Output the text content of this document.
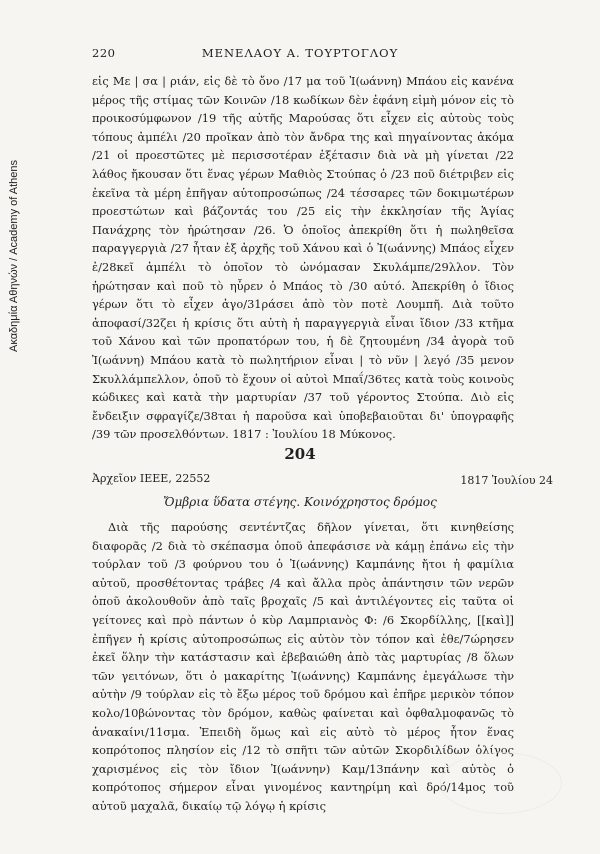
Ακαδημία Αθηνών / Academy of Athens
220	ΜΕΝΕΛΑΟΥ Α. ΤΟΥΡΤΟΓΛΟΥ

εἰς Με | σα | ριάν, εἰς δὲ τὸ ὄνο /17 μα τοῦ Ἰ(ωάννη) Μπάου εἰς κανένα μέρος τῆς στίμας τῶν Κοινῶν /18 κωδίκων δὲν ἐφάνη εἰμὴ μόνον εἰς τὸ προικοσύμφωνον /19 τῆς αὐτῆς Μαρούσας ὅτι εἶχεν εἰς αὐτοὺς τοὺς τόπους ἀμπέλι /20 προῖκαν ἀπὸ τὸν ἄνδρα της καὶ πηγαίνοντας ἀκόμα /21 οἱ προεστῶτες μὲ περισσοτέραν ἐξέτασιν διὰ νὰ μὴ γίνεται /22 λάθος ἤκουσαν ὅτι ἕνας γέρων Μαθιὸς Στούπας ὁ /23 ποῦ διέτριβεν εἰς ἐκεῖνα τὰ μέρη ἐπῆγαν αὐτοπροσώπως /24 τέσσαρες τῶν δοκιμωτέρων προεστώτων καὶ βάζοντάς του /25 εἰς τὴν ἐκκλησίαν τῆς Ἁγίας Πανάχρης τὸν ἠρώτησαν /26. Ὁ ὁποῖος ἀπεκρίθη ὅτι ἡ πωληθεῖσα παραγγεργιὰ /27 ἦταν ἐξ ἀρχῆς τοῦ Χάνου καὶ ὁ Ἰ(ωάννης) Μπάος εἶχεν ἐ/28κεῖ ἀμπέλι τὸ ὁποῖον τὸ ὠνόμασαν Σκυλάμπε/29λλον. Τὸν ἠρώτησαν καὶ ποῦ τὸ ηὗρεν ὁ Μπάος τὸ /30 αὐτό. Ἀπεκρίθη ὁ ἴδιος γέρων ὅτι τὸ εἶχεν ἀγο/31ράσει ἀπὸ τὸν ποτὲ Λουμπῆ. Διὰ τοῦτο ἀποφασί/32ζει ἡ κρίσις ὅτι αὐτὴ ἡ παραγγεργιὰ εἶναι ἴδιον /33 κτῆμα τοῦ Χάνου καὶ τῶν προπατόρων του, ἡ δὲ ζητουμένη /34 ἀγορὰ τοῦ Ἰ(ωάννη) Μπάου κατὰ τὸ πωλητήριον εἶναι | τὸ νῦν | λεγό /35 μενον Σκυλλάμπελλον, ὁποῦ τὸ ἔχουν οἱ αὐτοὶ Μπαΐ/36τες κατὰ τοὺς κοινοὺς κώδικες καὶ κατὰ τὴν μαρτυρίαν /37 τοῦ γέροντος Στούπα. Διὸ εἰς ἔνδειξιν σφραγίζε/38ται ἡ παροῦσα καὶ ὑποβεβαιοῦται δι' ὑπογραφῆς /39 τῶν προσελθόντων. 1817 : Ἰουλίου 18 Μύκονος.

204
Ἀρχεῖον ΙΕΕΕ, 22552	1817 Ἰουλίου 24
Ὄμβρια ὕδατα στέγης. Κοινόχρηστος δρόμος

Διὰ τῆς παρούσης σεντέντζας δῆλον γίνεται, ὅτι κινηθείσης διαφορᾶς /2 διὰ τὸ σκέπασμα ὁποῦ ἀπεφάσισε νὰ κάμῃ ἐπάνω εἰς τὴν τούρλαν τοῦ /3 φούρνου του ὁ Ἰ(ωάννης) Καμπάνης ἤτοι ἡ φαμίλια αὐτοῦ, προσθέτοντας τράβες /4 καὶ ἄλλα πρὸς ἀπάντησιν τῶν νερῶν ὁποῦ ἀκολουθοῦν ἀπὸ ταῖς βροχαῖς /5 καὶ ἀντιλέγοντες εἰς ταῦτα οἱ γείτονες καὶ πρὸ πάντων ὁ κὺρ Λαμπριανὸς Φ: /6 Σκορδίλλης, [[καὶ]] ἐπῆγεν ἡ κρίσις αὐτοπροσώπως εἰς αὐτὸν τὸν τόπον καὶ ἐθε/7ώρησεν ἐκεῖ ὅλην τὴν κατάστασιν καὶ ἐβεβαιώθη ἀπὸ τὰς μαρτυρίας /8 ὅλων τῶν γειτόνων, ὅτι ὁ μακαρίτης Ἰ(ωάννης) Καμπάνης ἐμεγάλωσε τὴν αὐτὴν /9 τούρλαν εἰς τὸ ἔξω μέρος τοῦ δρόμου καὶ ἐπῆρε μερικὸν τόπον κολο/10βώνοντας τὸν δρόμον, καθὼς φαίνεται καὶ ὀφθαλμοφανῶς τὸ ἀνακαίνι/11σμα. Ἐπειδὴ ὅμως καὶ εἰς αὐτὸ τὸ μέρος ἦτον ἕνας κοπρότοπος πλησίον εἰς /12 τὸ σπῆτι τῶν αὐτῶν Σκορδιλίδων ὀλίγος χαρισμένος εἰς τὸν ἴδιον Ἰ(ωάννην) Καμ/13πάνην καὶ αὐτὸς ὁ κοπρότοπος σήμερον εἶναι γινομένος καντηρίμη καὶ δρό/14μος τοῦ αὐτοῦ μαχαλᾶ, δικαίῳ τῷ λόγῳ ἡ κρίσις
